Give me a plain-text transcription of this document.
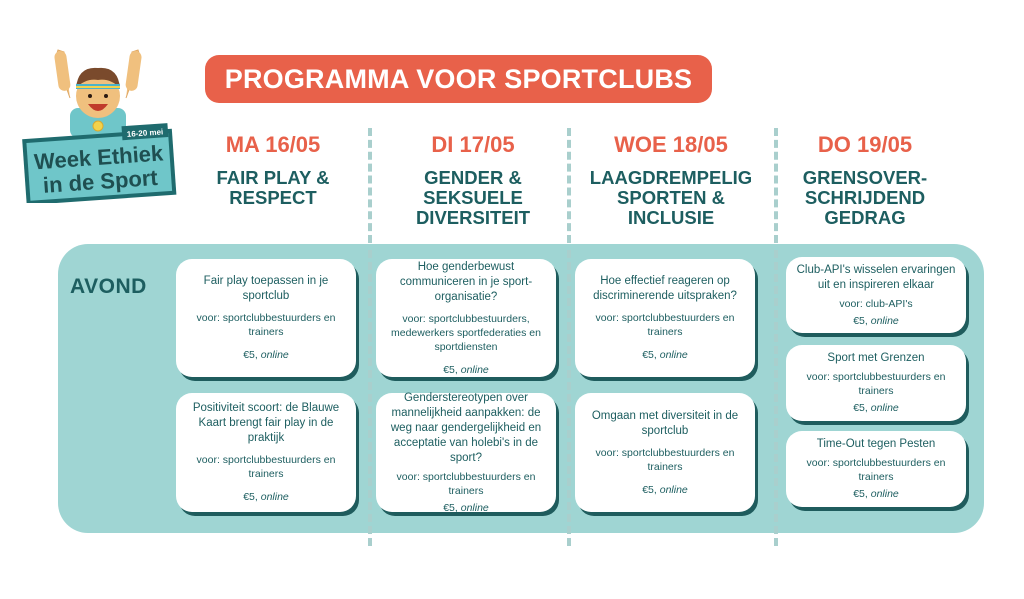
16-20 mei
Week Ethiek
in de Sport
PROGRAMMA VOOR SPORTCLUBS
MA 16/05
FAIR PLAY &
RESPECT
DI 17/05
GENDER &
SEKSUELE
DIVERSITEIT
WOE 18/05
LAAGDREMPELIG
SPORTEN &
INCLUSIE
DO 19/05
GRENSOVER-
SCHRIJDEND
GEDRAG
AVOND	Fair play toepassen in je sportclub
voor: sportclubbestuurders en trainers
€5, online
Positiviteit scoort: de Blauwe Kaart brengt fair play in de praktijk
voor: sportclubbestuurders en trainers
€5, online
Hoe genderbewust communiceren in je sport-organisatie?
voor: sportclubbestuurders, medewerkers sportfederaties en sportdiensten
€5, online
Genderstereotypen over mannelijkheid aanpakken: de weg naar gendergelijkheid en acceptatie van holebi's in de sport?
voor: sportclubbestuurders en trainers
€5, online
Hoe effectief reageren op discriminerende uitspraken?
voor: sportclubbestuurders en trainers
€5, online
Omgaan met diversiteit in de sportclub
voor: sportclubbestuurders en trainers
€5, online
Club-API's wisselen ervaringen uit en inspireren elkaar
voor: club-API's
€5, online
Sport met Grenzen
voor: sportclubbestuurders en trainers
€5, online
Time-Out tegen Pesten
voor: sportclubbestuurders en trainers
€5, online
